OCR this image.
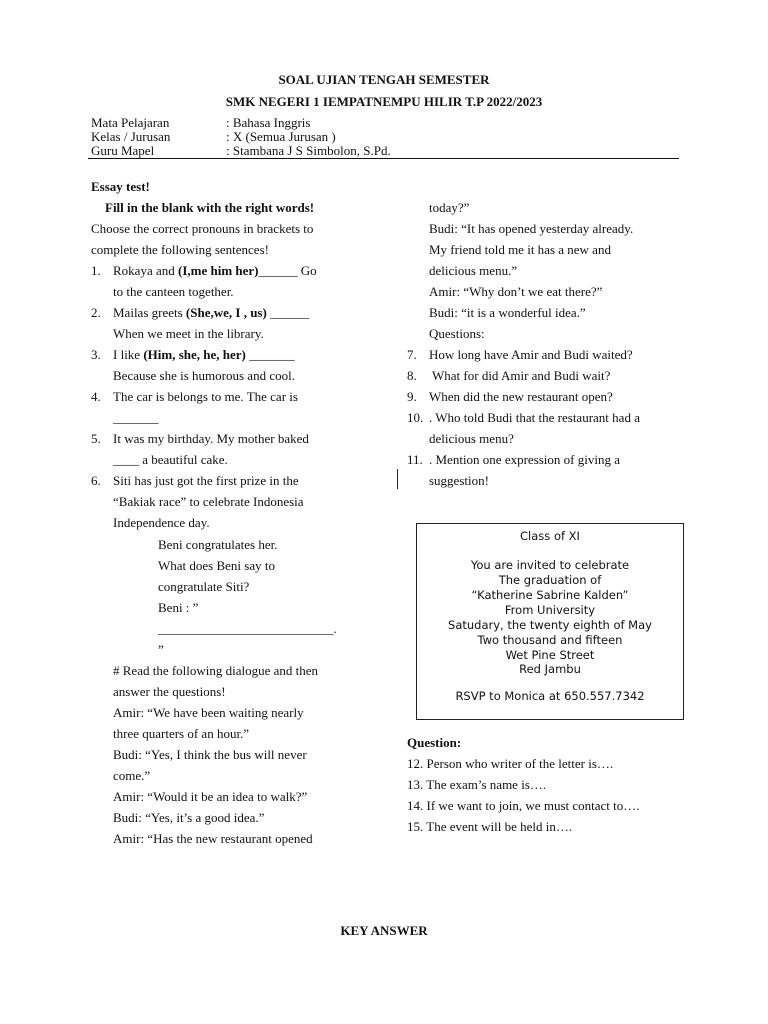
SOAL UJIAN TENGAH SEMESTER
SMK NEGERI 1 IEMPATNEMPU HILIR T.P 2022/2023
Mata Pelajaran	: Bahasa Inggris
Kelas / Jurusan	: X (Semua Jurusan )
Guru Mapel	: Stambana J S Simbolon, S.Pd.
Essay test!
Fill in the blank with the right words!
Choose the correct pronouns in brackets to
complete the following sentences!
1. Rokaya and (I,me him her)______ Go
to the canteen together.
2. Mailas greets (She,we, I , us) ______
When we meet in the library.
3. I like (Him, she, he, her) _______
Because she is humorous and cool.
4. The car is belongs to me. The car is
_______
5. It was my birthday. My mother baked
____ a beautiful cake.
6. Siti has just got the first prize in the
“Bakiak race” to celebrate Indonesia
Independence day.
Beni congratulates her.
What does Beni say to
congratulate Siti?
Beni : ”
___________________________.
”
# Read the following dialogue and then
answer the questions!
Amir: “We have been waiting nearly
three quarters of an hour.”
Budi: “Yes, I think the bus will never
come.”
Amir: “Would it be an idea to walk?”
Budi: “Yes, it’s a good idea.”
Amir: “Has the new restaurant opened
today?”
Budi: “It has opened yesterday already.
My friend told me it has a new and
delicious menu.”
Amir: “Why don’t we eat there?”
Budi: “it is a wonderful idea.”
Questions:
7. How long have Amir and Budi waited?
8. What for did Amir and Budi wait?
9. When did the new restaurant open?
10. . Who told Budi that the restaurant had a
delicious menu?
11. . Mention one expression of giving a
suggestion!
Class of XI
You are invited to celebrate
The graduation of
“Katherine Sabrine Kalden”
From University
Satudary, the twenty eighth of May
Two thousand and fifteen
Wet Pine Street
Red Jambu
RSVP to Monica at 650.557.7342
Question:
12. Person who writer of the letter is….
13. The exam’s name is….
14. If we want to join, we must contact to….
15. The event will be held in….
KEY ANSWER
